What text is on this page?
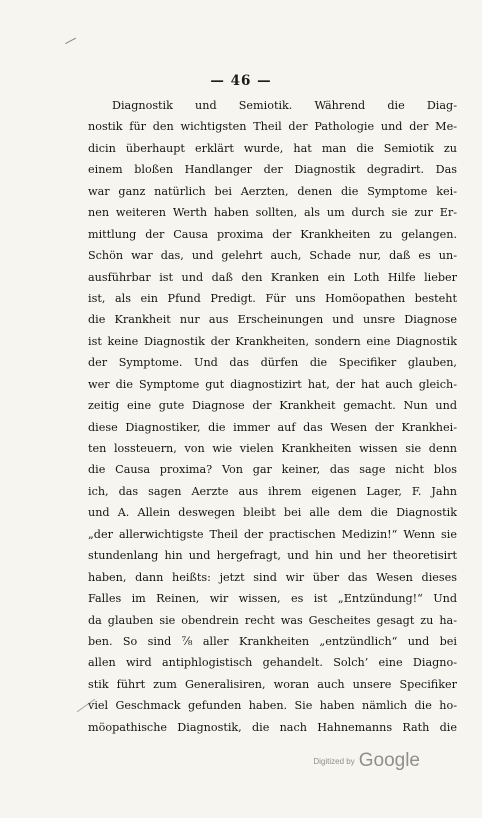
— 46 —
Diagnostik und Semiotik. Während die Diag-
nostik für den wichtigsten Theil der Pathologie und der Me-
dicin überhaupt erklärt wurde, hat man die Semiotik zu
einem bloßen Handlanger der Diagnostik degradirt. Das
war ganz natürlich bei Aerzten, denen die Symptome kei-
nen weiteren Werth haben sollten, als um durch sie zur Er-
mittlung der Causa proxima der Krankheiten zu gelangen.
Schön war das, und gelehrt auch, Schade nur, daß es un-
ausführbar ist und daß den Kranken ein Loth Hilfe lieber
ist, als ein Pfund Predigt. Für uns Homöopathen besteht
die Krankheit nur aus Erscheinungen und unsre Diagnose
ist keine Diagnostik der Krankheiten, sondern eine Diagnostik
der Symptome. Und das dürfen die Specifiker glauben,
wer die Symptome gut diagnostizirt hat, der hat auch gleich-
zeitig eine gute Diagnose der Krankheit gemacht. Nun und
diese Diagnostiker, die immer auf das Wesen der Krankhei-
ten lossteuern, von wie vielen Krankheiten wissen sie denn
die Causa proxima? Von gar keiner, das sage nicht blos
ich, das sagen Aerzte aus ihrem eigenen Lager, F. Jahn
und A. Allein deswegen bleibt bei alle dem die Diagnostik
„der allerwichtigste Theil der practischen Medizin!“ Wenn sie
stundenlang hin und hergefragt, und hin und her theoretisirt
haben, dann heißts: jetzt sind wir über das Wesen dieses
Falles im Reinen, wir wissen, es ist „Entzündung!“ Und
da glauben sie obendrein recht was Gescheites gesagt zu ha-
ben. So sind ⅞ aller Krankheiten „entzündlich“ und bei
allen wird antiphlogistisch gehandelt. Solch’ eine Diagno-
stik führt zum Generalisiren, woran auch unsere Specifiker
viel Geschmack gefunden haben. Sie haben nämlich die ho-
möopathische Diagnostik, die nach Hahnemanns Rath die
Digitized by Google
